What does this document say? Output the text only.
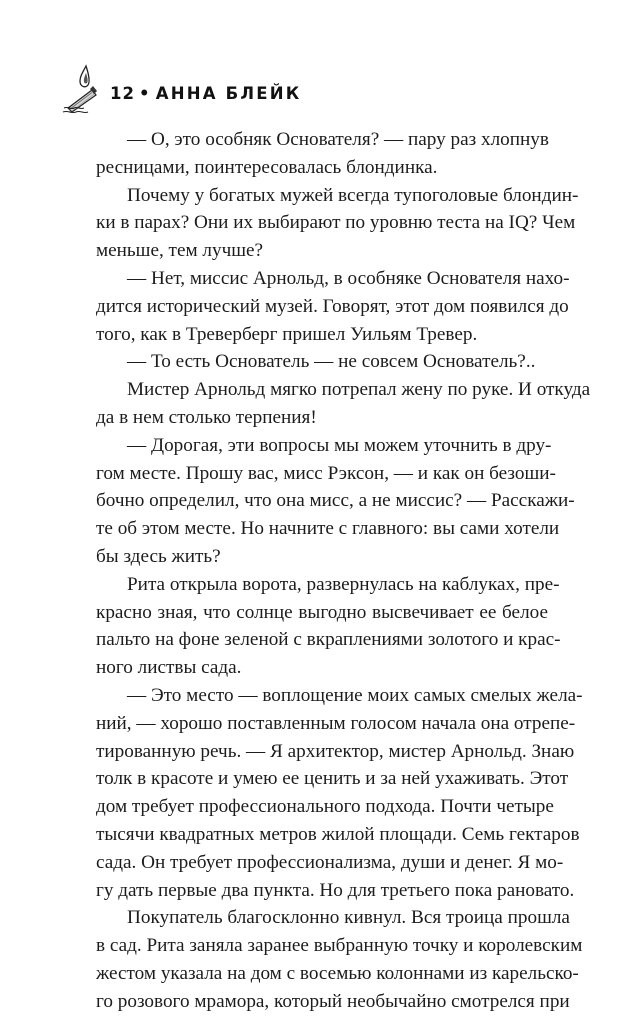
12 • АННА БЛЕЙК
— О, это особняк Основателя? — пару раз хлопнув
ресницами, поинтересовалась блондинка.
Почему у богатых мужей всегда тупоголовые блондин-
ки в парах? Они их выбирают по уровню теста на IQ? Чем
меньше, тем лучше?
— Нет, миссис Арнольд, в особняке Основателя нахо-
дится исторический музей. Говорят, этот дом появился до
того, как в Треверберг пришел Уильям Тревер.
— То есть Основатель — не совсем Основатель?..
Мистер Арнольд мягко потрепал жену по руке. И откуда
да в нем столько терпения!
— Дорогая, эти вопросы мы можем уточнить в дру-
гом месте. Прошу вас, мисс Рэксон, — и как он безоши-
бочно определил, что она мисс, а не миссис? — Расскажи-
те об этом месте. Но начните с главного: вы сами хотели
бы здесь жить?
Рита открыла ворота, развернулась на каблуках, пре-
красно зная, что солнце выгодно высвечивает ее белое
пальто на фоне зеленой с вкраплениями золотого и крас-
ного листвы сада.
— Это место — воплощение моих самых смелых жела-
ний, — хорошо поставленным голосом начала она отрепе-
тированную речь. — Я архитектор, мистер Арнольд. Знаю
толк в красоте и умею ее ценить и за ней ухаживать. Этот
дом требует профессионального подхода. Почти четыре
тысячи квадратных метров жилой площади. Семь гектаров
сада. Он требует профессионализма, души и денег. Я мо-
гу дать первые два пункта. Но для третьего пока рановато.
Покупатель благосклонно кивнул. Вся троица прошла
в сад. Рита заняла заранее выбранную точку и королевским
жестом указала на дом с восемью колоннами из карельско-
го розового мрамора, который необычайно смотрелся при
